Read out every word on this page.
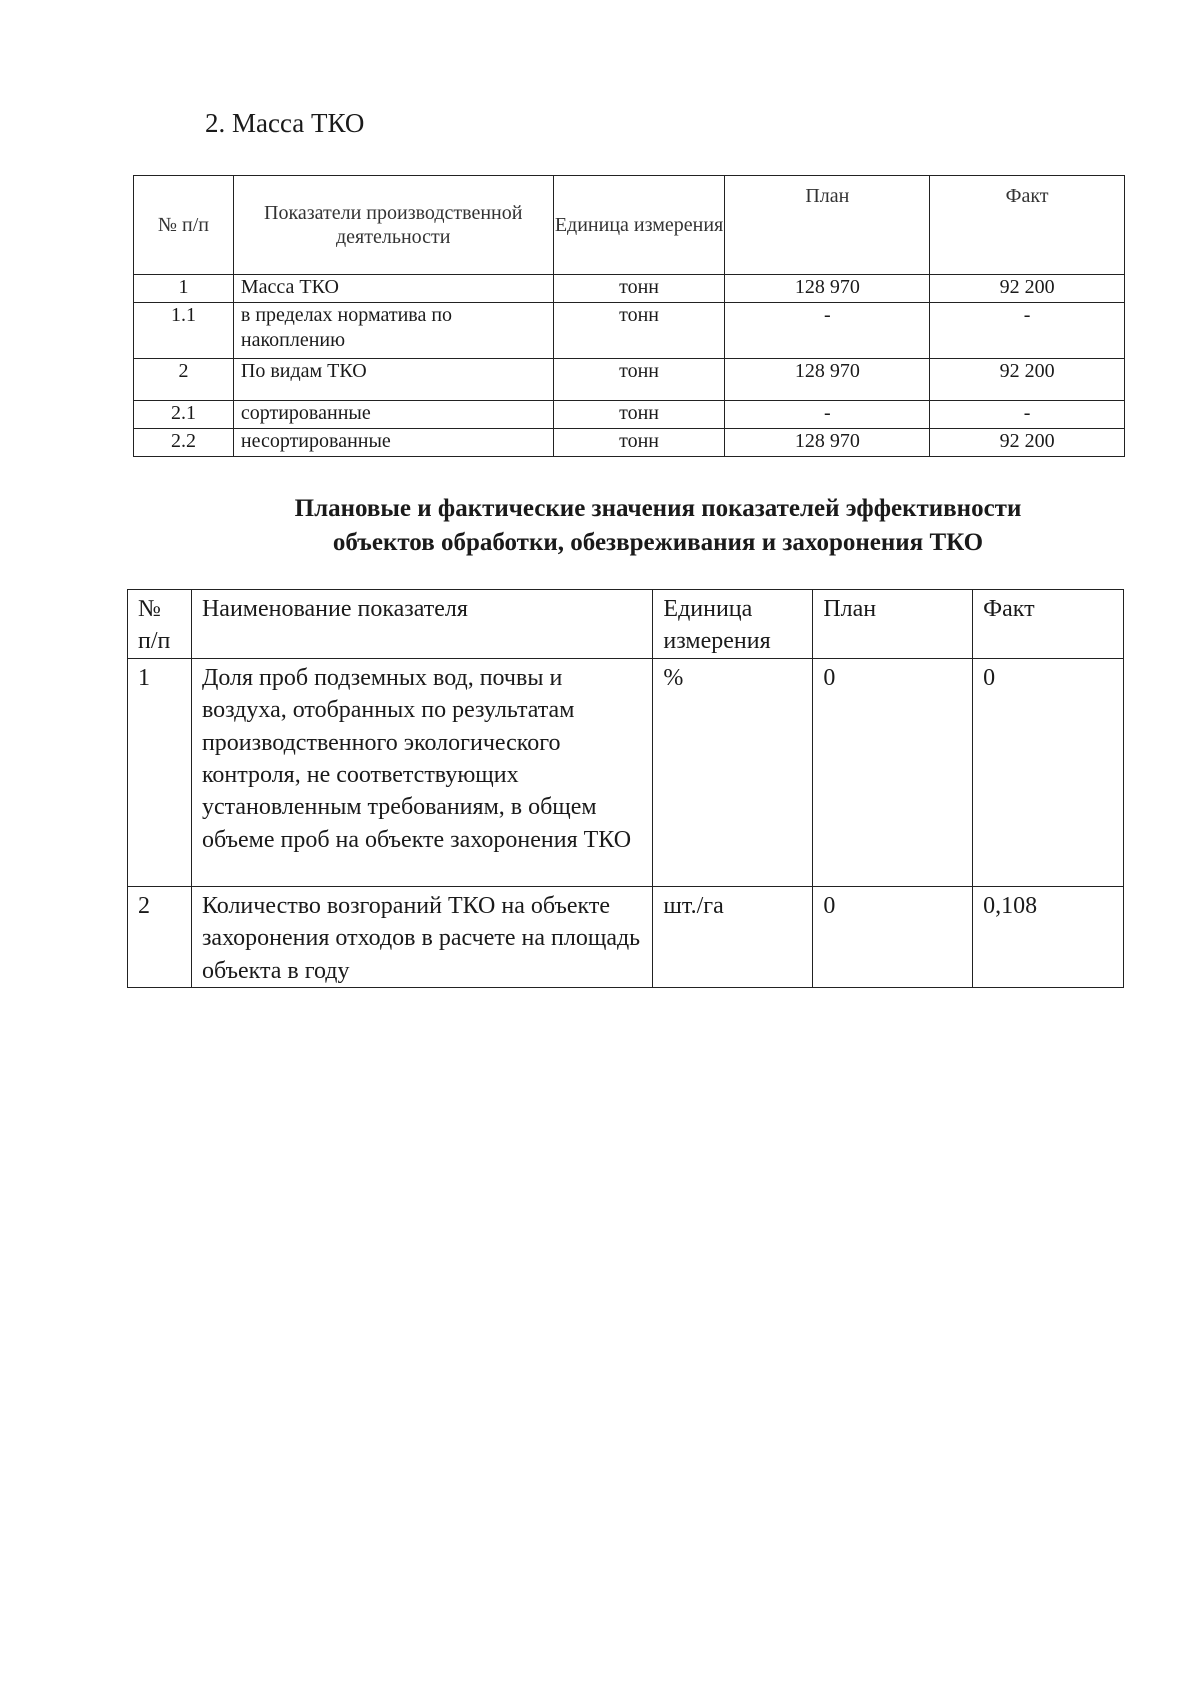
2. Масса ТКО
№ п/п	Показатели производственной деятельности	Единица измерения	План	Факт
1	Масса ТКО	тонн	128 970	92 200
1.1	в пределах норматива по накоплению	тонн	-	-
2	По видам ТКО	тонн	128 970	92 200
2.1	сортированные	тонн	-	-
2.2	несортированные	тонн	128 970	92 200
Плановые и фактические значения показателей эффективности
объектов обработки, обезвреживания и захоронения ТКО
№ п/п	Наименование показателя	Единица измерения	План	Факт
1	Доля проб подземных вод, почвы и воздуха, отобранных по результатам производственного экологического контроля, не соответствующих установленным требованиям, в общем объеме проб на объекте захоронения ТКО	%	0	0
2	Количество возгораний ТКО на объекте захоронения отходов в расчете на площадь объекта в году	шт./га	0	0,108
